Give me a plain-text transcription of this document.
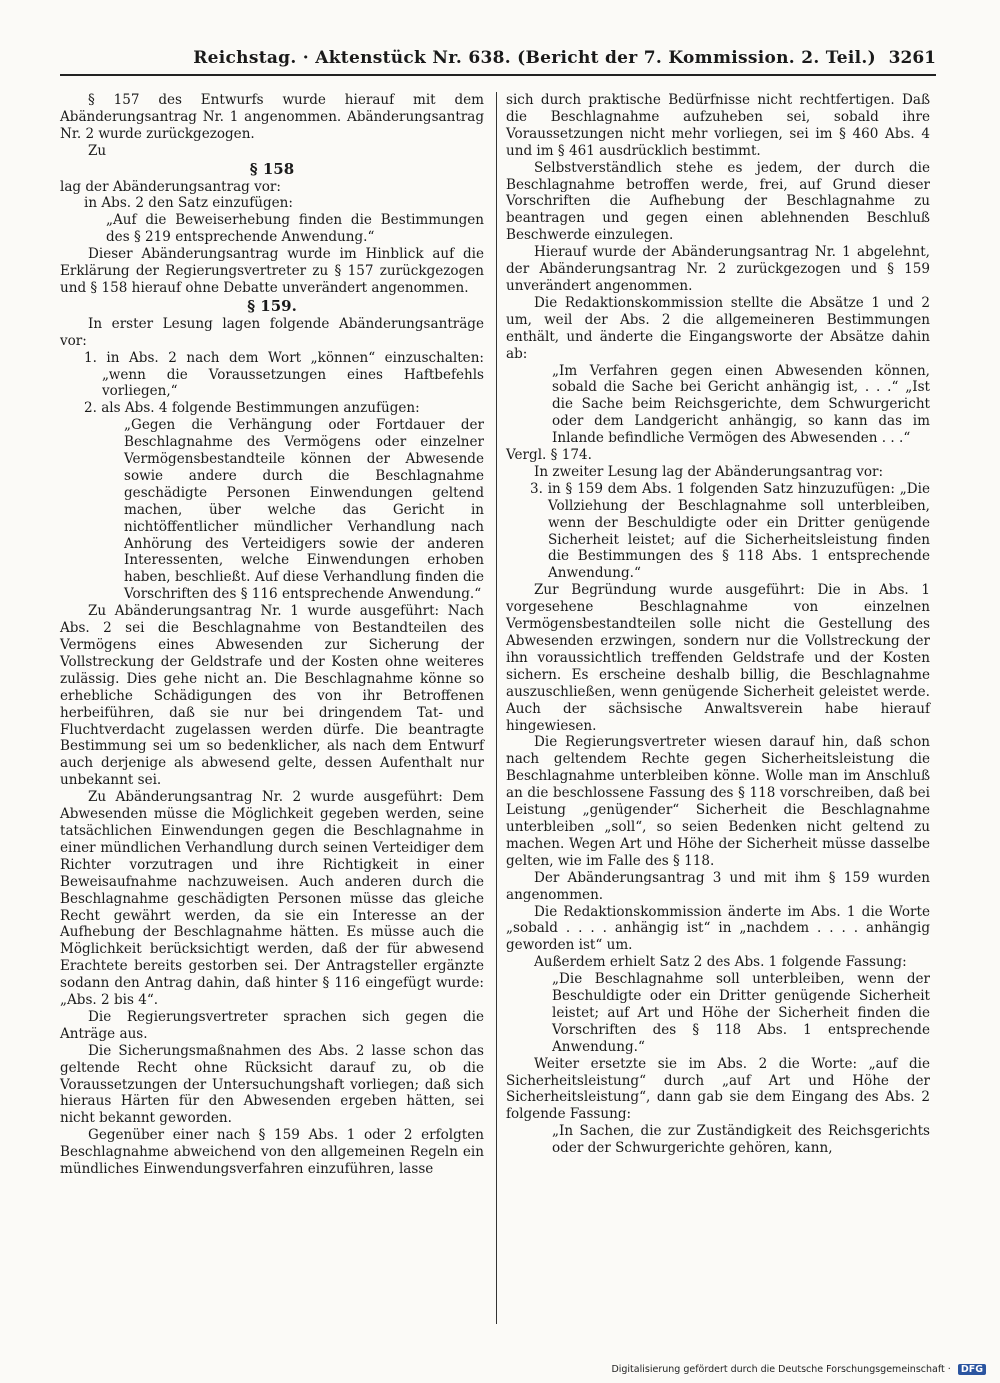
Reichstag. · Aktenstück Nr. 638. (Bericht der 7. Kommission. 2. Teil.) 3261

§ 157 des Entwurfs wurde hierauf mit dem Abänderungsantrag Nr. 1 angenommen. Abänderungsantrag Nr. 2 wurde zurückgezogen.

Zu

§ 158

lag der Abänderungsantrag vor:

in Abs. 2 den Satz einzufügen:

„Auf die Beweiserhebung finden die Bestimmungen des § 219 entsprechende Anwendung.“

Dieser Abänderungsantrag wurde im Hinblick auf die Erklärung der Regierungsvertreter zu § 157 zurückgezogen und § 158 hierauf ohne Debatte unverändert angenommen.

§ 159.

In erster Lesung lagen folgende Abänderungsanträge vor:

1. in Abs. 2 nach dem Wort „können“ einzuschalten: „wenn die Voraussetzungen eines Haftbefehls vorliegen,“

2. als Abs. 4 folgende Bestimmungen anzufügen:

„Gegen die Verhängung oder Fortdauer der Beschlagnahme des Vermögens oder einzelner Vermögensbestandteile können der Abwesende sowie andere durch die Beschlagnahme geschädigte Personen Einwendungen geltend machen, über welche das Gericht in nichtöffentlicher mündlicher Verhandlung nach Anhörung des Verteidigers sowie der anderen Interessenten, welche Einwendungen erhoben haben, beschließt. Auf diese Verhandlung finden die Vorschriften des § 116 entsprechende Anwendung.“

Zu Abänderungsantrag Nr. 1 wurde ausgeführt: Nach Abs. 2 sei die Beschlagnahme von Bestandteilen des Vermögens eines Abwesenden zur Sicherung der Vollstreckung der Geldstrafe und der Kosten ohne weiteres zulässig. Dies gehe nicht an. Die Beschlagnahme könne so erhebliche Schädigungen des von ihr Betroffenen herbeiführen, daß sie nur bei dringendem Tat- und Fluchtverdacht zugelassen werden dürfe. Die beantragte Bestimmung sei um so bedenklicher, als nach dem Entwurf auch derjenige als abwesend gelte, dessen Aufenthalt nur unbekannt sei.

Zu Abänderungsantrag Nr. 2 wurde ausgeführt: Dem Abwesenden müsse die Möglichkeit gegeben werden, seine tatsächlichen Einwendungen gegen die Beschlagnahme in einer mündlichen Verhandlung durch seinen Verteidiger dem Richter vorzutragen und ihre Richtigkeit in einer Beweisaufnahme nachzuweisen. Auch anderen durch die Beschlagnahme geschädigten Personen müsse das gleiche Recht gewährt werden, da sie ein Interesse an der Aufhebung der Beschlagnahme hätten. Es müsse auch die Möglichkeit berücksichtigt werden, daß der für abwesend Erachtete bereits gestorben sei. Der Antragsteller ergänzte sodann den Antrag dahin, daß hinter § 116 eingefügt wurde: „Abs. 2 bis 4“.

Die Regierungsvertreter sprachen sich gegen die Anträge aus.

Die Sicherungsmaßnahmen des Abs. 2 lasse schon das geltende Recht ohne Rücksicht darauf zu, ob die Voraussetzungen der Untersuchungshaft vorliegen; daß sich hieraus Härten für den Abwesenden ergeben hätten, sei nicht bekannt geworden.

Gegenüber einer nach § 159 Abs. 1 oder 2 erfolgten Beschlagnahme abweichend von den allgemeinen Regeln ein mündliches Einwendungsverfahren einzuführen, lasse

sich durch praktische Bedürfnisse nicht rechtfertigen. Daß die Beschlagnahme aufzuheben sei, sobald ihre Voraussetzungen nicht mehr vorliegen, sei im § 460 Abs. 4 und im § 461 ausdrücklich bestimmt.

Selbstverständlich stehe es jedem, der durch die Beschlagnahme betroffen werde, frei, auf Grund dieser Vorschriften die Aufhebung der Beschlagnahme zu beantragen und gegen einen ablehnenden Beschluß Beschwerde einzulegen.

Hierauf wurde der Abänderungsantrag Nr. 1 abgelehnt, der Abänderungsantrag Nr. 2 zurückgezogen und § 159 unverändert angenommen.

Die Redaktionskommission stellte die Absätze 1 und 2 um, weil der Abs. 2 die allgemeineren Bestimmungen enthält, und änderte die Eingangsworte der Absätze dahin ab:

„Im Verfahren gegen einen Abwesenden können, sobald die Sache bei Gericht anhängig ist, . . .“ „Ist die Sache beim Reichsgerichte, dem Schwurgericht oder dem Landgericht anhängig, so kann das im Inlande befindliche Vermögen des Abwesenden . . .“

Vergl. § 174.

In zweiter Lesung lag der Abänderungsantrag vor:

3. in § 159 dem Abs. 1 folgenden Satz hinzuzufügen: „Die Vollziehung der Beschlagnahme soll unterbleiben, wenn der Beschuldigte oder ein Dritter genügende Sicherheit leistet; auf die Sicherheitsleistung finden die Bestimmungen des § 118 Abs. 1 entsprechende Anwendung.“

Zur Begründung wurde ausgeführt: Die in Abs. 1 vorgesehene Beschlagnahme von einzelnen Vermögensbestandteilen solle nicht die Gestellung des Abwesenden erzwingen, sondern nur die Vollstreckung der ihn voraussichtlich treffenden Geldstrafe und der Kosten sichern. Es erscheine deshalb billig, die Beschlagnahme auszuschließen, wenn genügende Sicherheit geleistet werde. Auch der sächsische Anwaltsverein habe hierauf hingewiesen.

Die Regierungsvertreter wiesen darauf hin, daß schon nach geltendem Rechte gegen Sicherheitsleistung die Beschlagnahme unterbleiben könne. Wolle man im Anschluß an die beschlossene Fassung des § 118 vorschreiben, daß bei Leistung „genügender“ Sicherheit die Beschlagnahme unterbleiben „soll“, so seien Bedenken nicht geltend zu machen. Wegen Art und Höhe der Sicherheit müsse dasselbe gelten, wie im Falle des § 118.

Der Abänderungsantrag 3 und mit ihm § 159 wurden angenommen.

Die Redaktionskommission änderte im Abs. 1 die Worte „sobald . . . . anhängig ist“ in „nachdem . . . . anhängig geworden ist“ um.

Außerdem erhielt Satz 2 des Abs. 1 folgende Fassung:

„Die Beschlagnahme soll unterbleiben, wenn der Beschuldigte oder ein Dritter genügende Sicherheit leistet; auf Art und Höhe der Sicherheit finden die Vorschriften des § 118 Abs. 1 entsprechende Anwendung.“

Weiter ersetzte sie im Abs. 2 die Worte: „auf die Sicherheitsleistung“ durch „auf Art und Höhe der Sicherheitsleistung“, dann gab sie dem Eingang des Abs. 2 folgende Fassung:

„In Sachen, die zur Zuständigkeit des Reichsgerichts oder der Schwurgerichte gehören, kann,

Digitalisierung gefördert durch die Deutsche Forschungsgemeinschaft · DFG
